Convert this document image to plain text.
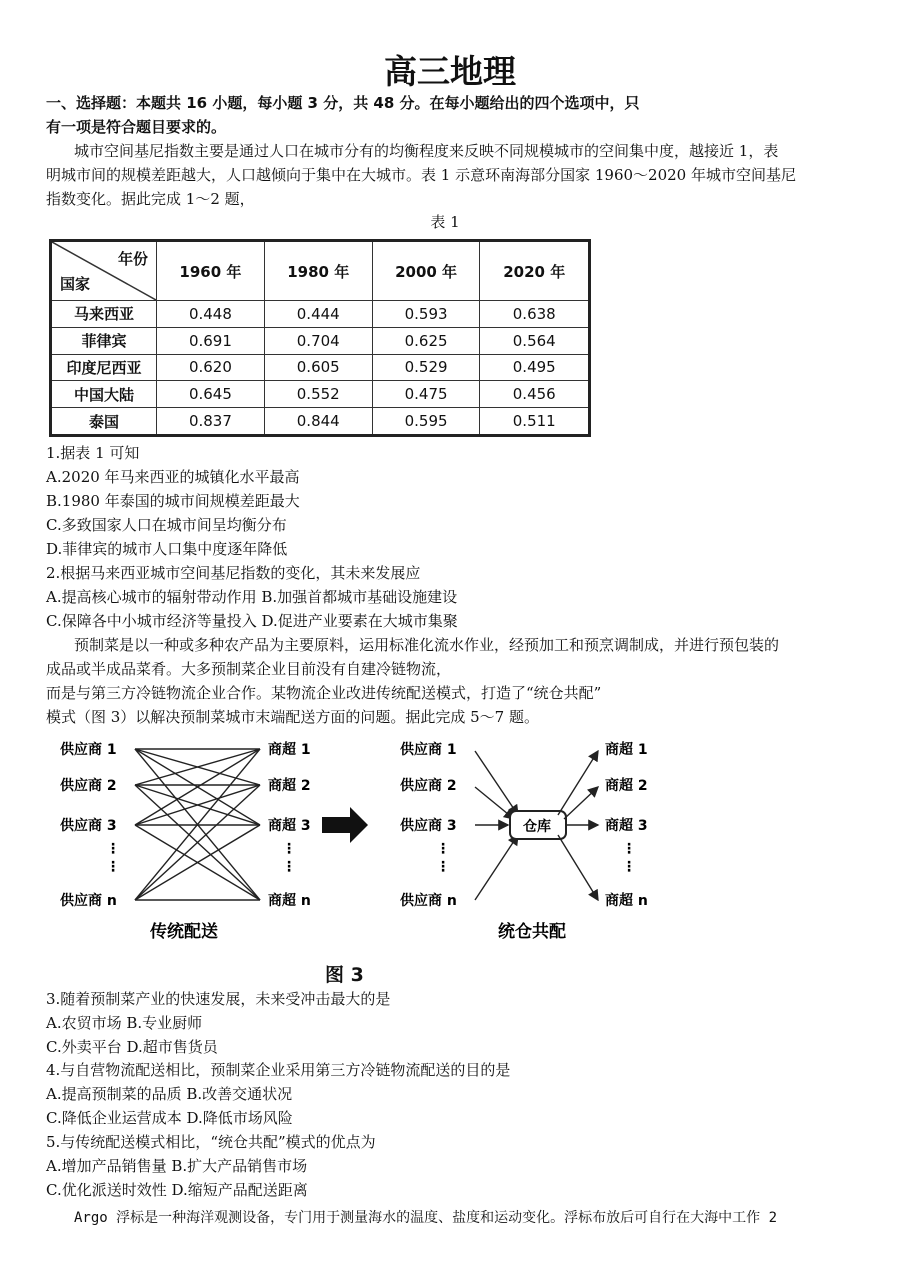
高三地理
一、选择题：本题共 16 小题，每小题 3 分，共 48 分。在每小题给出的四个选项中，只
有一项是符合题目要求的。
城市空间基尼指数主要是通过人口在城市分有的均衡程度来反映不同规模城市的空间集中度，越接近 1，表
明城市间的规模差距越大，人口越倾向于集中在大城市。表 1 示意环南海部分国家 1960～2020 年城市空间基尼
指数变化。据此完成 1～2 题，
表 1
年份
国家	1960 年	1980 年	2000 年	2020 年
马来西亚	0.448	0.444	0.593	0.638
菲律宾	0.691	0.704	0.625	0.564
印度尼西亚	0.620	0.605	0.529	0.495
中国大陆	0.645	0.552	0.475	0.456
泰国	0.837	0.844	0.595	0.511
1.据表 1 可知
A.2020 年马来西亚的城镇化水平最高
B.1980 年泰国的城市间规模差距最大
C.多致国家人口在城市间呈均衡分布
D.菲律宾的城市人口集中度逐年降低
2.根据马来西亚城市空间基尼指数的变化，其未来发展应
A.提高核心城市的辐射带动作用 B.加强首都城市基础设施建设
C.保障各中小城市经济等量投入 D.促进产业要素在大城市集聚
预制菜是以一种或多种农产品为主要原料，运用标准化流水作业，经预加工和预烹调制成，并进行预包装的
成品或半成品菜肴。大多预制菜企业目前没有自建冷链物流，
而是与第三方冷链物流企业合作。某物流企业改进传统配送模式，打造了“统仓共配”
模式（图 3）以解决预制菜城市末端配送方面的问题。据此完成 5～7 题。
供应商 1
供应商 2
供应商 3
供应商 n
⋮
⋮
商超 1
商超 2
商超 3
商超 n
⋮
⋮
传统配送
供应商 1
供应商 2
供应商 3
供应商 n
⋮
⋮
仓库
商超 1
商超 2
商超 3
商超 n
⋮
⋮
统仓共配
图 3
3.随着预制菜产业的快速发展，未来受冲击最大的是
A.农贸市场 B.专业厨师
C.外卖平台 D.超市售货员
4.与自营物流配送相比，预制菜企业采用第三方冷链物流配送的目的是
A.提高预制菜的品质 B.改善交通状况
C.降低企业运营成本 D.降低市场风险
5.与传统配送模式相比，“统仓共配”模式的优点为
A.增加产品销售量 B.扩大产品销售市场
C.优化派送时效性 D.缩短产品配送距离
Argo 浮标是一种海洋观测设备，专门用于测量海水的温度、盐度和运动变化。浮标布放后可自行在大海中工作 2
